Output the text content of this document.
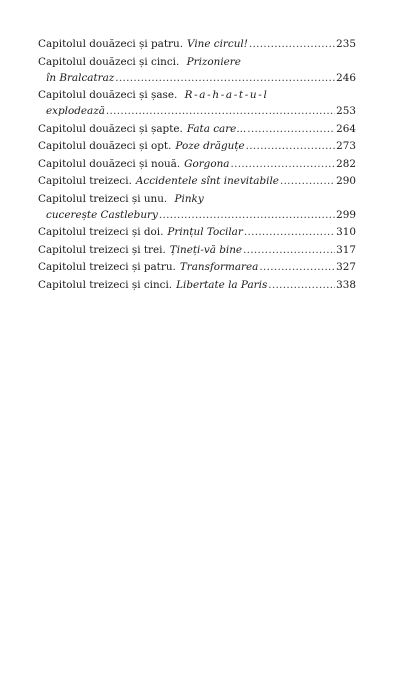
Capitolul douăzeci și patru. Vine circul! .....	235
Capitolul douăzeci și cinci. Prizoniere
în Bralcatraz .....	246
Capitolul douăzeci și șase. R-a-h-a-t-u-l
explodează .....	253
Capitolul douăzeci și șapte. Fata care... .....	264
Capitolul douăzeci și opt. Poze drăguțe .....	273
Capitolul douăzeci și nouă. Gorgona .....	282
Capitolul treizeci. Accidentele sînt inevitabile .....	290
Capitolul treizeci și unu. Pinky
cucerește Castlebury .....	299
Capitolul treizeci și doi. Prințul Tocilar .....	310
Capitolul treizeci și trei. Țineți-vă bine .....	317
Capitolul treizeci și patru. Transformarea .....	327
Capitolul treizeci și cinci. Libertate la Paris .....	338
